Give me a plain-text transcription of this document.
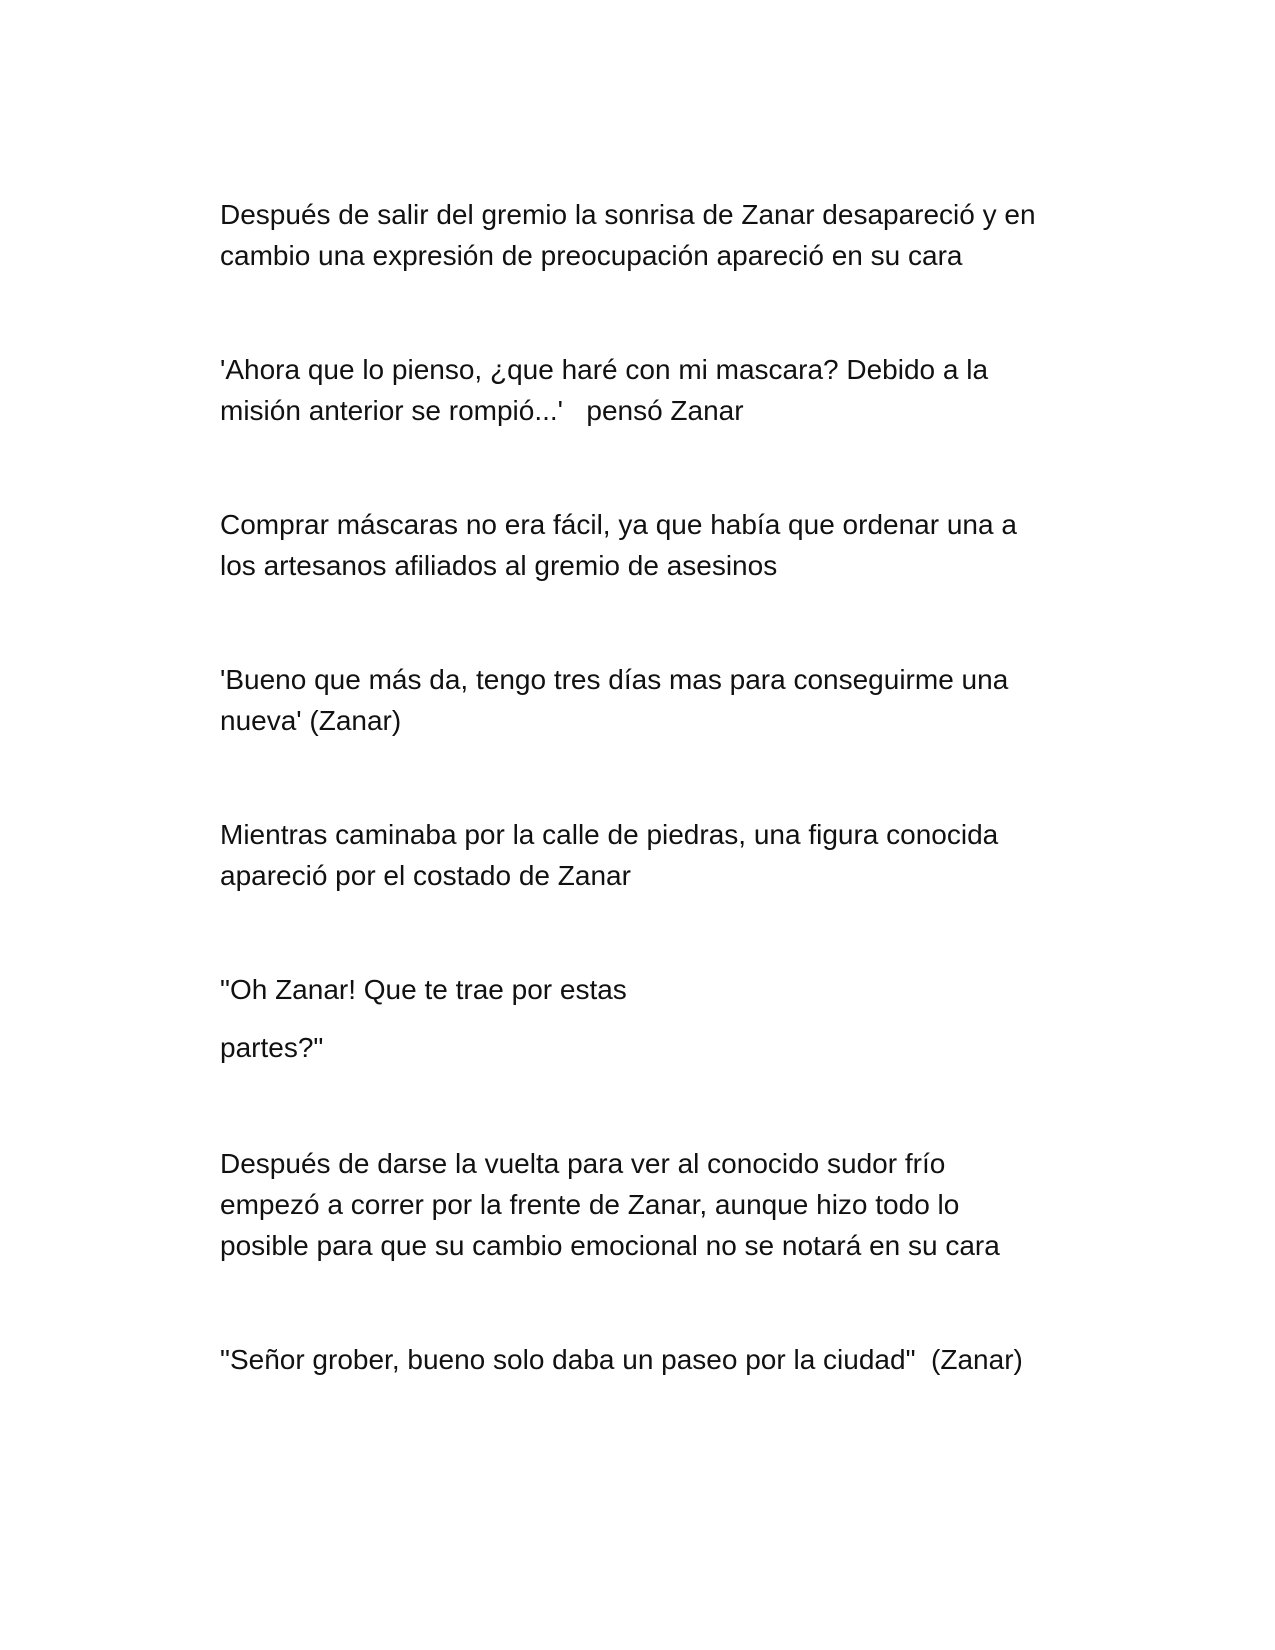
Después de salir del gremio la sonrisa de Zanar desapareció y en
cambio una expresión de preocupación apareció en su cara

'Ahora que lo pienso, ¿que haré con mi mascara? Debido a la
misión anterior se rompió...'   pensó Zanar

Comprar máscaras no era fácil, ya que había que ordenar una a
los artesanos afiliados al gremio de asesinos

'Bueno que más da, tengo tres días mas para conseguirme una
nueva' (Zanar)

Mientras caminaba por la calle de piedras, una figura conocida
apareció por el costado de Zanar

"Oh Zanar! Que te trae por estas

partes?"

Después de darse la vuelta para ver al conocido sudor frío
empezó a correr por la frente de Zanar, aunque hizo todo lo
posible para que su cambio emocional no se notará en su cara

"Señor grober, bueno solo daba un paseo por la ciudad"  (Zanar)
